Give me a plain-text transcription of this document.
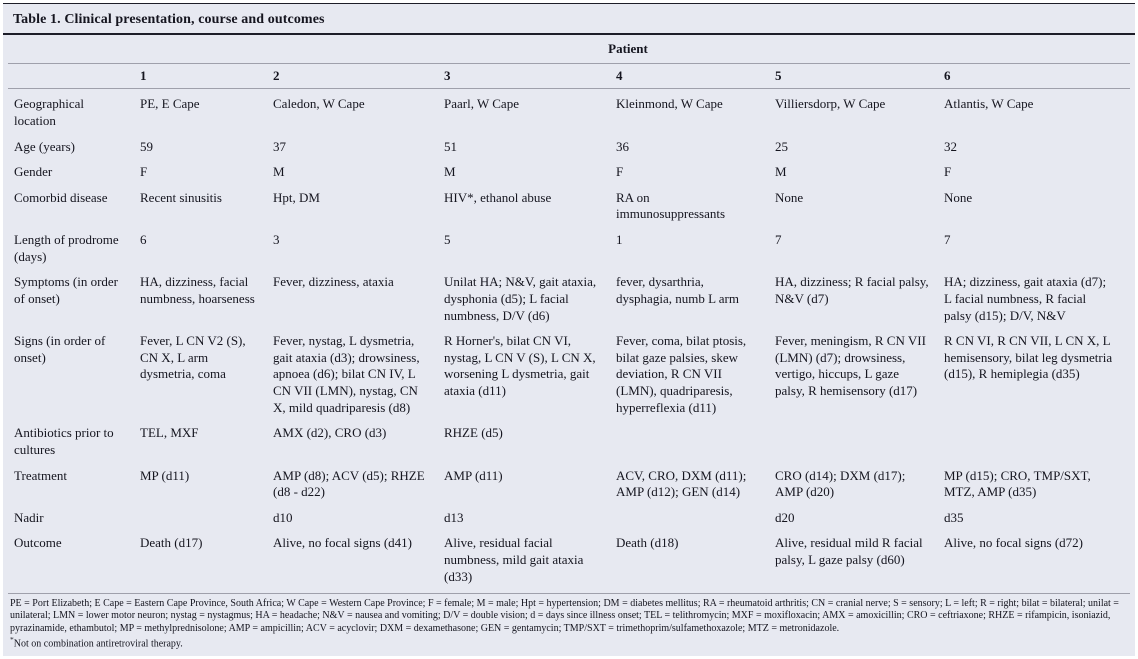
Table 1. Clinical presentation, course and outcomes
	Patient					
	1	2	3	4	5	6
Geographical location	PE, E Cape	Caledon, W Cape	Paarl, W Cape	Kleinmond, W Cape	Villiersdorp, W Cape	Atlantis, W Cape
Age (years)	59	37	51	36	25	32
Gender	F	M	M	F	M	F
Comorbid disease	Recent sinusitis	Hpt, DM	HIV*, ethanol abuse	RA on immunosuppressants	None	None
Length of prodrome (days)	6	3	5	1	7	7
Symptoms (in order of onset)	HA, dizziness, facial numbness, hoarseness	Fever, dizziness, ataxia	Unilat HA; N&V, gait ataxia, dysphonia (d5); L facial numbness, D/V (d6)	fever, dysarthria, dysphagia, numb L arm	HA, dizziness; R facial palsy, N&V (d7)	HA; dizziness, gait ataxia (d7); L facial numbness, R facial palsy (d15); D/V, N&V
Signs (in order of onset)	Fever, L CN V2 (S), CN X, L arm dysmetria, coma	Fever, nystag, L dysmetria, gait ataxia (d3); drowsiness, apnoea (d6); bilat CN IV, L CN VII (LMN), nystag, CN X, mild quadriparesis (d8)	R Horner's, bilat CN VI, nystag, L CN V (S), L CN X, worsening L dysmetria, gait ataxia (d11)	Fever, coma, bilat ptosis, bilat gaze palsies, skew deviation, R CN VII (LMN), quadriparesis, hyperreflexia (d11)	Fever, meningism, R CN VII (LMN) (d7); drowsiness, vertigo, hiccups, L gaze palsy, R hemisensory (d17)	R CN VI, R CN VII, L CN X, L hemisensory, bilat leg dysmetria (d15), R hemiplegia (d35)
Antibiotics prior to cultures	TEL, MXF	AMX (d2), CRO (d3)	RHZE (d5)			
Treatment	MP (d11)	AMP (d8); ACV (d5); RHZE (d8 - d22)	AMP (d11)	ACV, CRO, DXM (d11); AMP (d12); GEN (d14)	CRO (d14); DXM (d17); AMP (d20)	MP (d15); CRO, TMP/SXT, MTZ, AMP (d35)
Nadir		d10	d13		d20	d35
Outcome	Death (d17)	Alive, no focal signs (d41)	Alive, residual facial numbness, mild gait ataxia (d33)	Death (d18)	Alive, residual mild R facial palsy, L gaze palsy (d60)	Alive, no focal signs (d72)

PE = Port Elizabeth; E Cape = Eastern Cape Province, South Africa; W Cape = Western Cape Province; F = female; M = male; Hpt = hypertension; DM = diabetes mellitus; RA = rheumatoid arthritis; CN = cranial nerve; S = sensory; L = left; R = right; bilat = bilateral; unilat = unilateral; LMN = lower motor neuron; nystag = nystagmus; HA = headache; N&V = nausea and vomiting; D/V = double vision; d = days since illness onset; TEL = telithromycin; MXF = moxifloxacin; AMX = amoxicillin; CRO = ceftriaxone; RHZE = rifampicin, isoniazid, pyrazinamide, ethambutol; MP = methylprednisolone; AMP = ampicillin; ACV = acyclovir; DXM = dexamethasone; GEN = gentamycin; TMP/SXT = trimethoprim/sulfamethoxazole; MTZ = metronidazole.

*Not on combination antiretroviral therapy.
